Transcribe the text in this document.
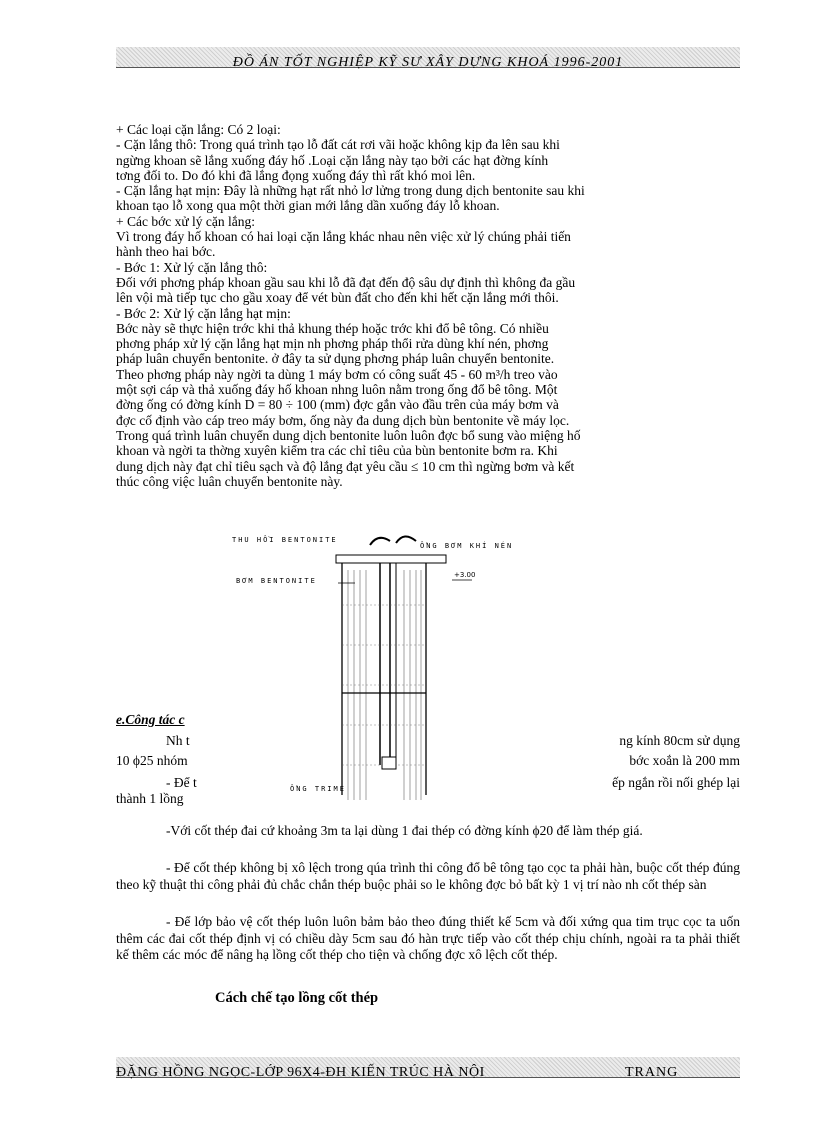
ĐỒ ÁN TỐT NGHIỆP KỸ SƯ XÂY DỰNG KHOÁ 1996-2001

+ Các loại cặn lắng: Có 2 loại:

- Cặn lắng thô: Trong quá trình tạo lỗ đất cát rơi vãi hoặc không kịp đa lên sau khi

ngừng khoan sẽ lắng xuống đáy hố .Loại cặn lắng này tạo bởi các hạt đờng kính

tơng đối to. Do đó khi đã lắng đọng xuống đáy thì rất khó moi lên.

- Cặn lắng hạt mịn: Đây là những hạt rất nhỏ lơ lửng trong dung dịch bentonite sau khi

khoan tạo lỗ xong qua một thời gian mới lắng dần xuống đáy lỗ khoan.

+ Các bớc xử lý cặn lắng:

Vì trong đáy hố khoan có hai loại cặn lắng khác nhau nên việc xử lý chúng phải tiến

hành theo hai bớc.

- Bớc 1: Xử lý cặn lắng thô:

Đối với phơng pháp khoan gầu sau khi lỗ đã đạt đến độ sâu dự định thì không đa gầu

lên vội mà tiếp tục cho gầu xoay để vét bùn đất cho đến khi hết cặn lắng mới thôi.

- Bớc 2: Xử lý cặn lắng hạt mịn:

Bớc này sẽ thực hiện trớc khi thả khung thép hoặc trớc khi đổ bê tông. Có nhiều

phơng pháp xử lý cặn lắng hạt mịn nh phơng pháp thổi rửa dùng khí nén, phơng

pháp luân chuyển bentonite. ở đây ta sử dụng phơng pháp luân chuyển bentonite.

Theo phơng pháp này ngời ta dùng 1 máy bơm có công suất 45 - 60 m³/h treo vào

một sợi cáp và thả xuống đáy hố khoan nhng luôn nằm trong ống đổ bê tông. Một

đờng ống có đờng kính D = 80 ÷ 100 (mm) đợc gắn vào đầu trên của máy bơm và

đợc cố định vào cáp treo máy bơm, ống này đa dung dịch bùn bentonite về máy lọc.

Trong quá trình luân chuyển dung dịch bentonite luôn luôn đợc bổ sung vào miệng hố

khoan và ngời ta thờng xuyên kiểm tra các chỉ tiêu của bùn bentonite bơm ra. Khi

dung dịch này đạt chỉ tiêu sạch và độ lắng đạt yêu cầu ≤ 10 cm thì ngừng bơm và kết

thúc công việc luân chuyển bentonite này.

THU HỒI BENTONITE
ỐNG BƠM KHÍ NÉN
BƠM BENTONITE
+3.00
ỐNG TRIME
e.Công tác c
Nh t	ng kính 80cm sử dụng
10 ϕ25 nhóm	bớc xoắn là 200 mm
- Để t	ếp ngắn rồi nối ghép lại
thành 1 lồng

-Với cốt thép đai cứ khoảng 3m ta lại dùng 1 đai thép có đờng kính ϕ20 để làm thép giá.

- Để cốt thép không bị xô lệch trong qúa trình thi công đổ bê tông tạo cọc ta phải hàn, buộc cốt thép đúng theo kỹ thuật thi công phải đủ chắc chắn thép buộc phải so le không đợc bỏ bất kỳ 1 vị trí nào nh cốt thép sàn

- Để lớp bảo vệ cốt thép luôn luôn bảm bảo theo đúng thiết kế 5cm và đối xứng qua tim trục cọc ta uốn thêm các đai cốt thép định vị có chiều dày 5cm sau đó hàn trực tiếp vào cốt thép chịu chính, ngoài ra ta phải thiết kế thêm các móc để nâng hạ lồng cốt thép cho tiện và chống đợc xô lệch cốt thép.

Cách chế tạo lồng cốt thép
ĐẶNG HỒNG NGỌC-LỚP 96X4-ĐH KIẾN TRÚC HÀ NỘI	TRANG
